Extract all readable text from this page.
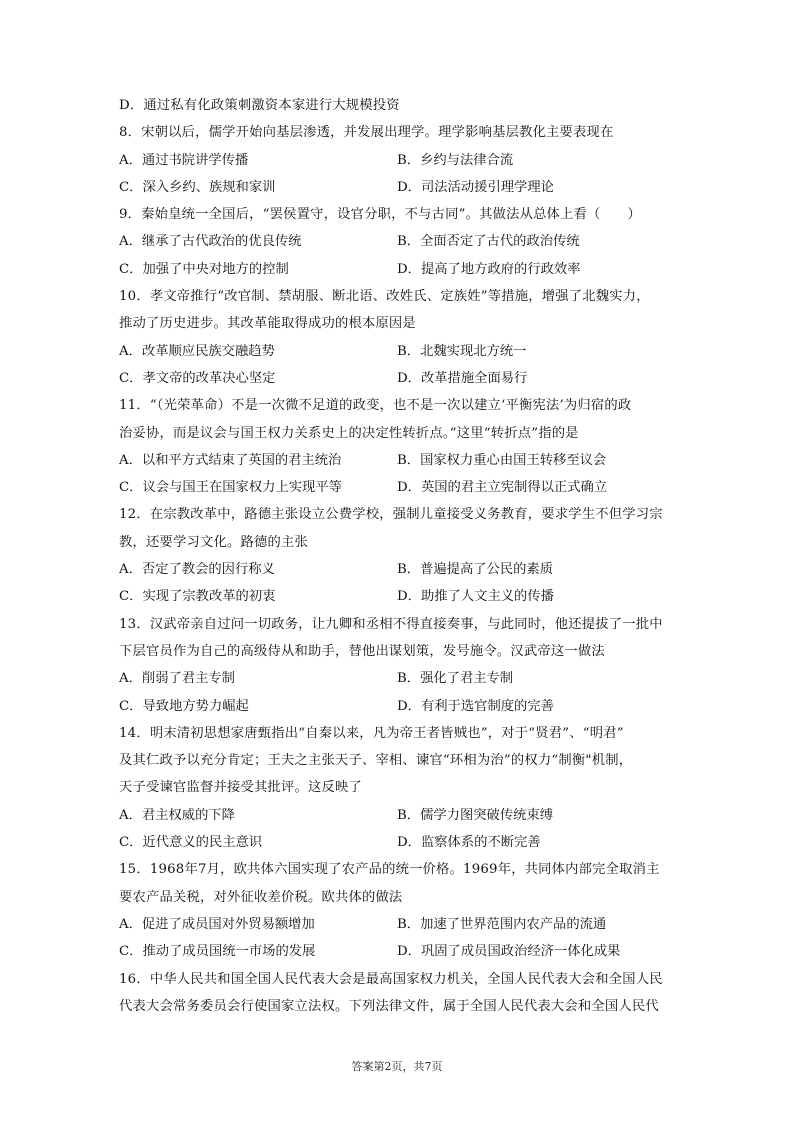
D．通过私有化政策刺激资本家进行大规模投资
8．宋朝以后，儒学开始向基层渗透，并发展出理学。理学影响基层教化主要表现在
A．通过书院讲学传播	B．乡约与法律合流
C．深入乡约、族规和家训	D．司法活动援引理学理论
9．秦始皇统一全国后，“罢侯置守，设官分职，不与古同”。其做法从总体上看（　　）
A．继承了古代政治的优良传统	B．全面否定了古代的政治传统
C．加强了中央对地方的控制	D．提高了地方政府的行政效率
10．孝文帝推行“改官制、禁胡服、断北语、改姓氏、定族姓”等措施，增强了北魏实力，
推动了历史进步。其改革能取得成功的根本原因是
A．改革顺应民族交融趋势	B．北魏实现北方统一
C．孝文帝的改革决心坚定	D．改革措施全面易行
11．“（光荣革命）不是一次微不足道的政变，也不是一次以建立‘平衡宪法’为归宿的政
治妥协，而是议会与国王权力关系史上的决定性转折点。”这里“转折点”指的是
A．以和平方式结束了英国的君主统治	B．国家权力重心由国王转移至议会
C．议会与国王在国家权力上实现平等	D．英国的君主立宪制得以正式确立
12．在宗教改革中，路德主张设立公费学校，强制儿童接受义务教育，要求学生不但学习宗
教，还要学习文化。路德的主张
A．否定了教会的因行称义	B．普遍提高了公民的素质
C．实现了宗教改革的初衷	D．助推了人文主义的传播
13．汉武帝亲自过问一切政务，让九卿和丞相不得直接奏事，与此同时，他还提拔了一批中
下层官员作为自己的高级侍从和助手，替他出谋划策，发号施令。汉武帝这一做法
A．削弱了君主专制	B．强化了君主专制
C．导致地方势力崛起	D．有利于选官制度的完善
14．明末清初思想家唐甄指出“自秦以来，凡为帝王者皆贼也”，对于“贤君”、“明君”
及其仁政予以充分肯定；王夫之主张天子、宰相、谏官“环相为治”的权力“制衡"机制，
天子受谏官监督并接受其批评。这反映了
A．君主权威的下降	B．儒学力图突破传统束缚
C．近代意义的民主意识	D．监察体系的不断完善
15．1968年7月，欧共体六国实现了农产品的统一价格。1969年，共同体内部完全取消主
要农产品关税，对外征收差价税。欧共体的做法
A．促进了成员国对外贸易额增加	B．加速了世界范围内农产品的流通
C．推动了成员国统一市场的发展	D．巩固了成员国政治经济一体化成果
16．中华人民共和国全国人民代表大会是最高国家权力机关，全国人民代表大会和全国人民
代表大会常务委员会行使国家立法权。下列法律文件，属于全国人民代表大会和全国人民代
答案第2页，共7页
